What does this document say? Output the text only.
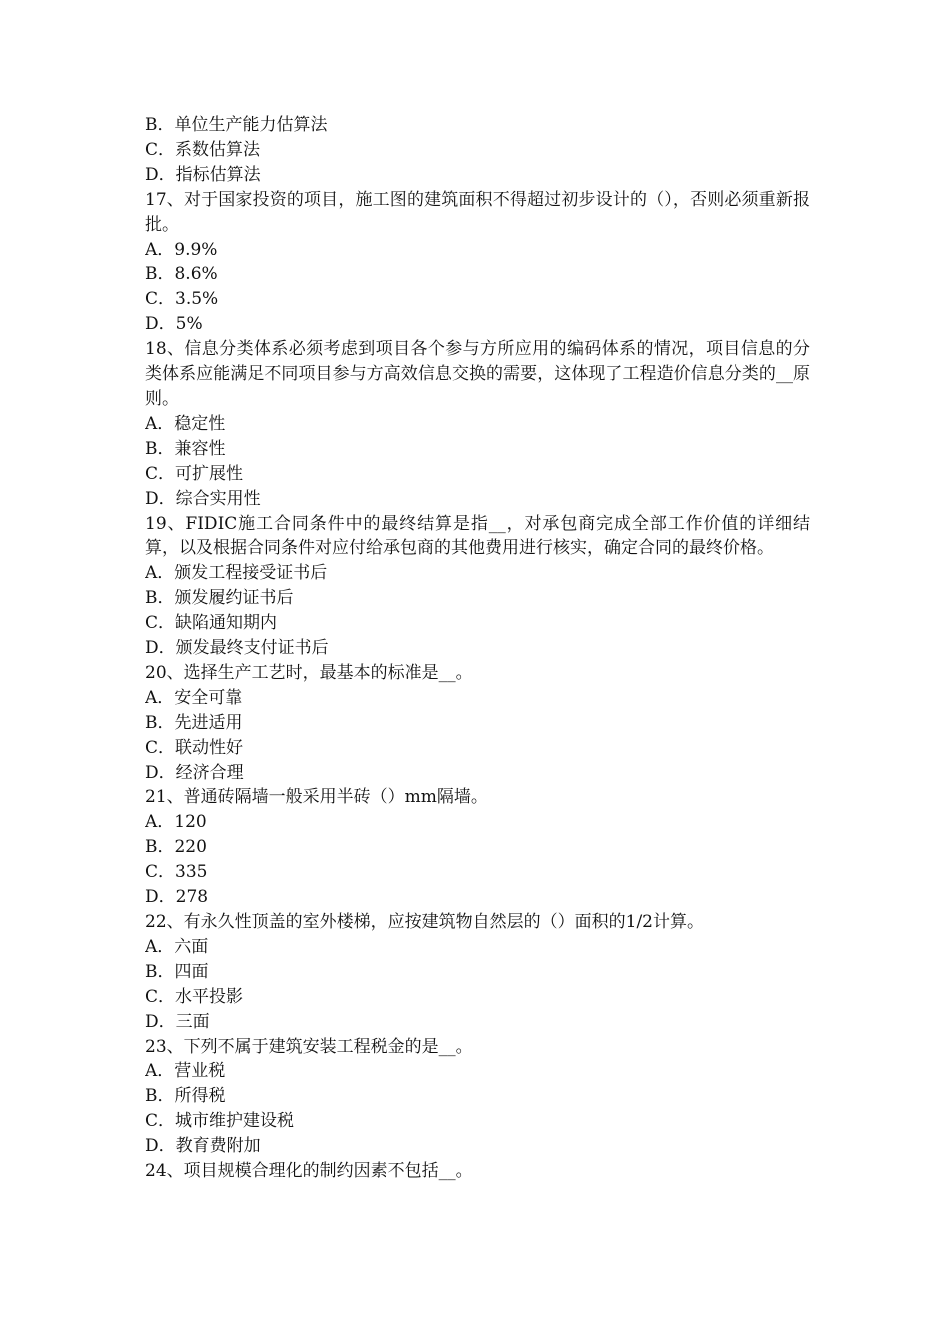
B．单位生产能力估算法
C．系数估算法
D．指标估算法
17、对于国家投资的项目，施工图的建筑面积不得超过初步设计的（），否则必须重新报批。
A．9.9%
B．8.6%
C．3.5%
D．5%
18、信息分类体系必须考虑到项目各个参与方所应用的编码体系的情况，项目信息的分类体系应能满足不同项目参与方高效信息交换的需要，这体现了工程造价信息分类的__原则。
A．稳定性
B．兼容性
C．可扩展性
D．综合实用性
19、FIDIC施工合同条件中的最终结算是指__，对承包商完成全部工作价值的详细结算，以及根据合同条件对应付给承包商的其他费用进行核实，确定合同的最终价格。
A．颁发工程接受证书后
B．颁发履约证书后
C．缺陷通知期内
D．颁发最终支付证书后
20、选择生产工艺时，最基本的标准是__。
A．安全可靠
B．先进适用
C．联动性好
D．经济合理
21、普通砖隔墙一般采用半砖（）mm隔墙。
A．120
B．220
C．335
D．278
22、有永久性顶盖的室外楼梯，应按建筑物自然层的（）面积的1/2计算。
A．六面
B．四面
C．水平投影
D．三面
23、下列不属于建筑安装工程税金的是__。
A．营业税
B．所得税
C．城市维护建设税
D．教育费附加
24、项目规模合理化的制约因素不包括__。
